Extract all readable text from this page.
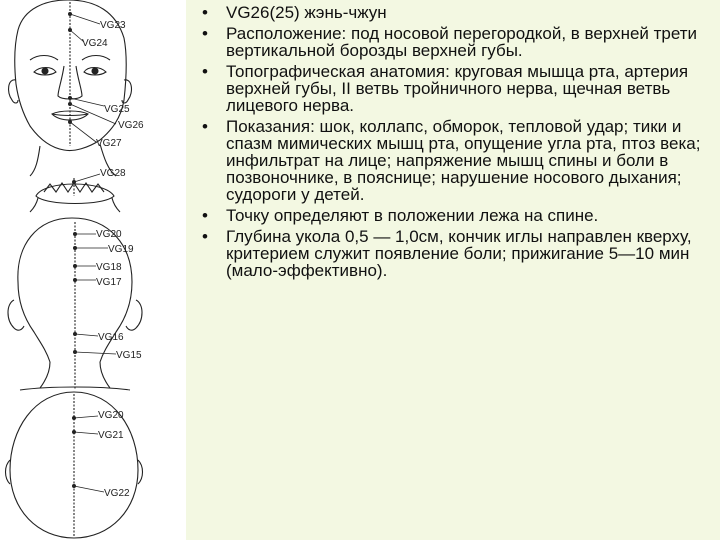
VG23
VG24
VG25
VG26
VG27
VG28
VG20
VG19
VG18
VG17
VG16
VG15
VG20
VG21
VG22
• VG26(25) жэнь-чжун
• Расположение: под носовой перегородкой, в верхней трети вертикальной борозды верхней губы.
• Топографическая анатомия: круговая мышца рта, артерия верхней губы, II ветвь тройничного нерва, щечная ветвь лицевого нерва.
• Показания: шок, коллапс, обморок, тепловой удар; тики и спазм мимических мышц рта, опущение угла рта, птоз века; инфильтрат на лице; напряжение мышц спины и боли в позвоночнике, в пояснице; нарушение носового дыхания; судороги у детей.
• Точку определяют в положении лежа на спине.
• Глубина укола 0,5 — 1,0см, кончик иглы направлен кверху, критерием служит появление боли; прижигание 5—10 мин (мало-эффективно).
